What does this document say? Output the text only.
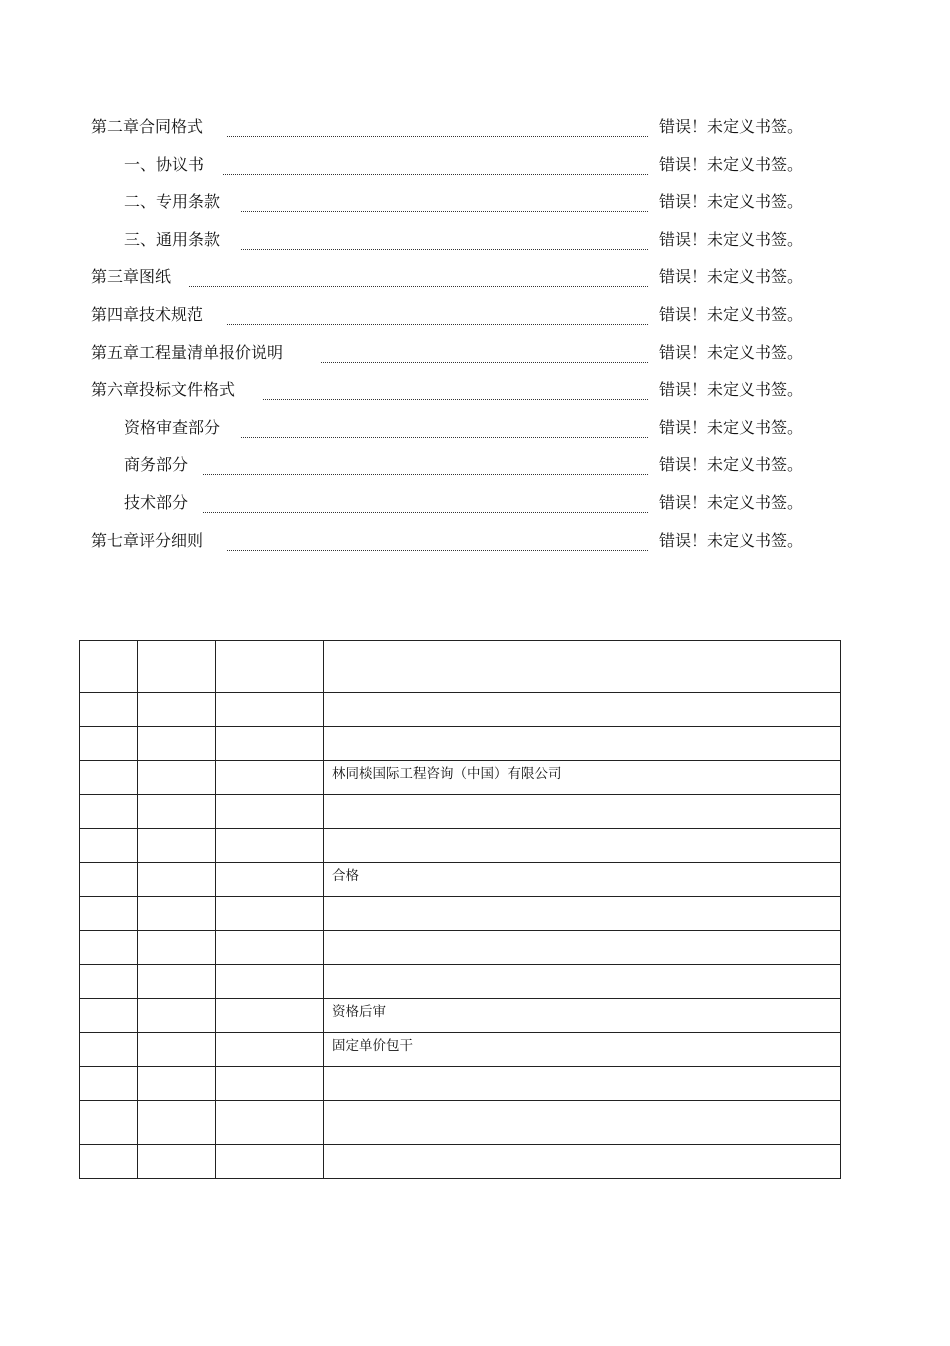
第二章合同格式	错误！未定义书签。
一、协议书	错误！未定义书签。
二、专用条款	错误！未定义书签。
三、通用条款	错误！未定义书签。
第三章图纸	错误！未定义书签。
第四章技术规范	错误！未定义书签。
第五章工程量清单报价说明	错误！未定义书签。
第六章投标文件格式	错误！未定义书签。
资格审查部分	错误！未定义书签。
商务部分	错误！未定义书签。
技术部分	错误！未定义书签。
第七章评分细则	错误！未定义书签。

			林同棪国际工程咨询（中国）有限公司

			合格

			资格后审
			固定单价包干
